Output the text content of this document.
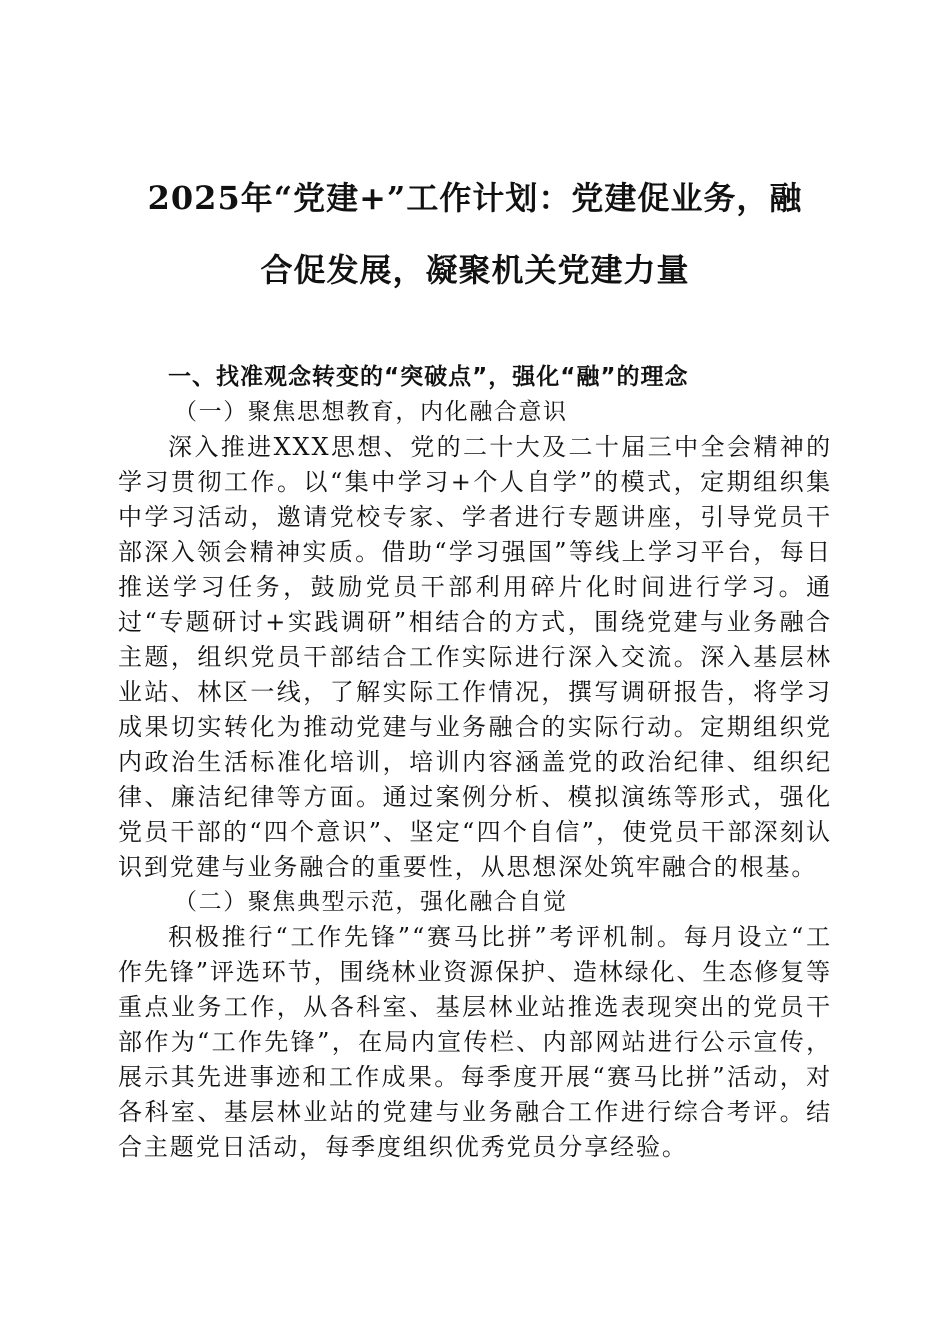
2025年“党建+”工作计划：党建促业务，融
合促发展，凝聚机关党建力量

一、找准观念转变的“突破点”，强化“融”的理念

（一）聚焦思想教育，内化融合意识

深入推进XXX思想、党的二十大及二十届三中全会精神的学习贯彻工作。以“集中学习+个人自学”的模式，定期组织集中学习活动，邀请党校专家、学者进行专题讲座，引导党员干部深入领会精神实质。借助“学习强国”等线上学习平台，每日推送学习任务，鼓励党员干部利用碎片化时间进行学习。通过“专题研讨+实践调研”相结合的方式，围绕党建与业务融合主题，组织党员干部结合工作实际进行深入交流。深入基层林业站、林区一线，了解实际工作情况，撰写调研报告，将学习成果切实转化为推动党建与业务融合的实际行动。定期组织党内政治生活标准化培训，培训内容涵盖党的政治纪律、组织纪律、廉洁纪律等方面。通过案例分析、模拟演练等形式，强化党员干部的“四个意识”、坚定“四个自信”，使党员干部深刻认识到党建与业务融合的重要性，从思想深处筑牢融合的根基。

（二）聚焦典型示范，强化融合自觉

积极推行“工作先锋”“赛马比拼”考评机制。每月设立“工作先锋”评选环节，围绕林业资源保护、造林绿化、生态修复等重点业务工作，从各科室、基层林业站推选表现突出的党员干部作为“工作先锋”，在局内宣传栏、内部网站进行公示宣传，展示其先进事迹和工作成果。每季度开展“赛马比拼”活动，对各科室、基层林业站的党建与业务融合工作进行综合考评。结合主题党日活动，每季度组织优秀党员分享经验。
